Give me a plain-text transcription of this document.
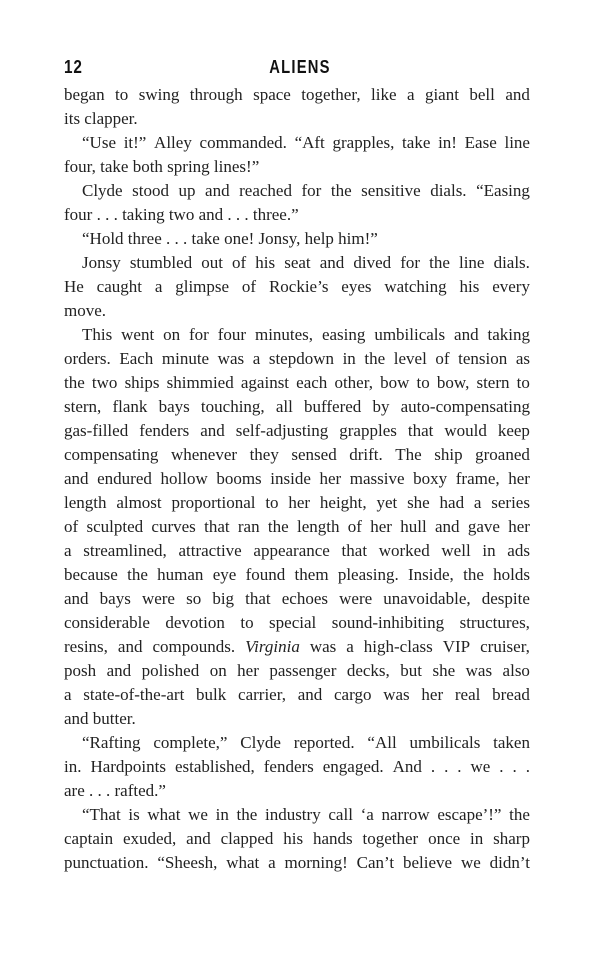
12	ALIENS
began to swing through space together, like a giant bell and
its clapper.
“Use it!” Alley commanded. “Aft grapples, take in! Ease line
four, take both spring lines!”
Clyde stood up and reached for the sensitive dials. “Easing
four . . . taking two and . . . three.”
“Hold three . . . take one! Jonsy, help him!”
Jonsy stumbled out of his seat and dived for the line dials.
He caught a glimpse of Rockie’s eyes watching his every
move.
This went on for four minutes, easing umbilicals and taking
orders. Each minute was a stepdown in the level of tension as
the two ships shimmied against each other, bow to bow, stern to
stern, flank bays touching, all buffered by auto-compensating
gas-filled fenders and self-adjusting grapples that would keep
compensating whenever they sensed drift. The ship groaned
and endured hollow booms inside her massive boxy frame, her
length almost proportional to her height, yet she had a series
of sculpted curves that ran the length of her hull and gave her
a streamlined, attractive appearance that worked well in ads
because the human eye found them pleasing. Inside, the holds
and bays were so big that echoes were unavoidable, despite
considerable devotion to special sound-inhibiting structures,
resins, and compounds. Virginia was a high-class VIP cruiser,
posh and polished on her passenger decks, but she was also
a state-of-the-art bulk carrier, and cargo was her real bread
and butter.
“Rafting complete,” Clyde reported. “All umbilicals taken
in. Hardpoints established, fenders engaged. And . . . we . . .
are . . . rafted.”
“That is what we in the industry call ‘a narrow escape’!” the
captain exuded, and clapped his hands together once in sharp
punctuation. “Sheesh, what a morning! Can’t believe we didn’t
